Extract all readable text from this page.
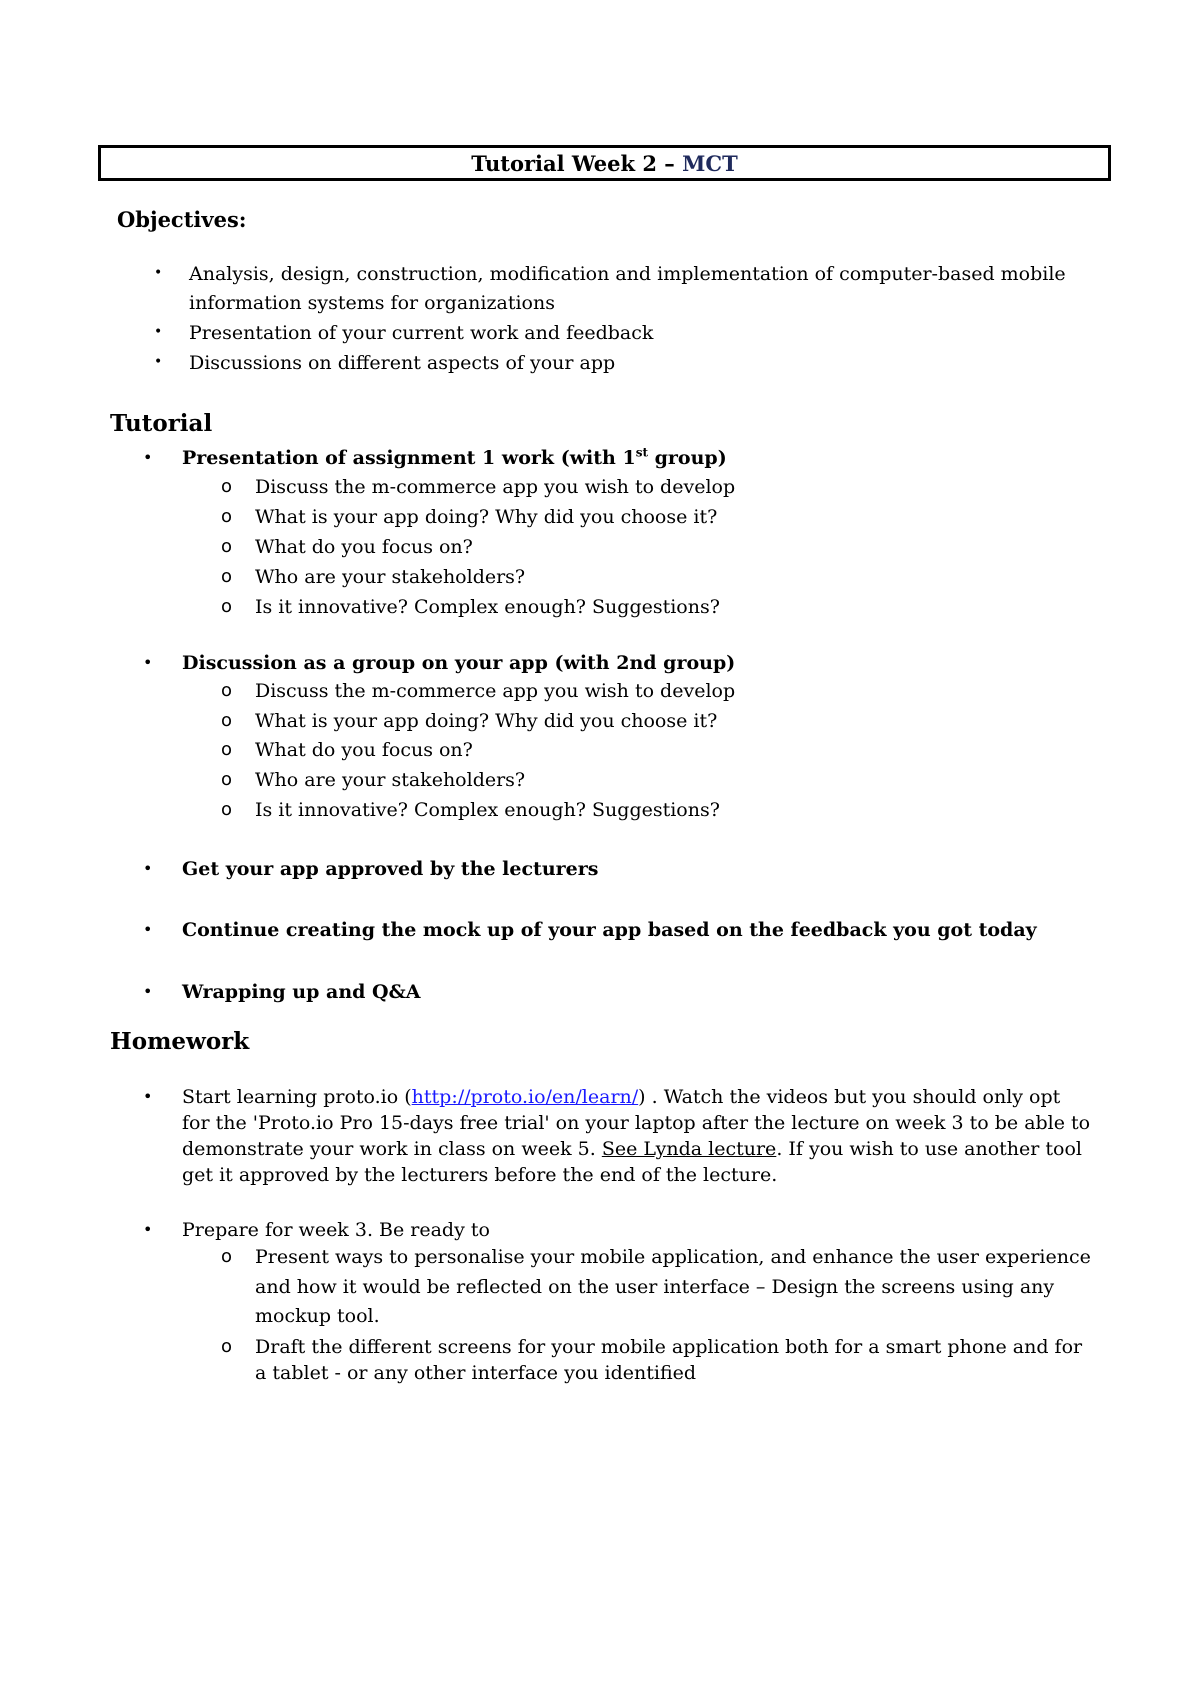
Tutorial Week 2 –
MCT
Objectives:
• Analysis, design, construction, modification and implementation of computer-based mobile
information systems for organizations
• Presentation of your current work and feedback
• Discussions on different aspects of your app
Tutorial
• Presentation of assignment 1 work (with 1st group)
o Discuss the m-commerce app you wish to develop
o What is your app doing? Why did you choose it?
o What do you focus on?
o Who are your stakeholders?
o Is it innovative? Complex enough? Suggestions?
• Discussion as a group on your app (with 2nd group)
o Discuss the m-commerce app you wish to develop
o What is your app doing? Why did you choose it?
o What do you focus on?
o Who are your stakeholders?
o Is it innovative? Complex enough? Suggestions?
• Get your app approved by the lecturers
• Continue creating the mock up of your app based on the feedback you got today
• Wrapping up and Q&A
Homework
• Start learning proto.io (http://proto.io/en/learn/) . Watch the videos but you should only opt
for the 'Proto.io Pro 15-days free trial' on your laptop after the lecture on week 3 to be able to
demonstrate your work in class on week 5. See Lynda lecture. If you wish to use another tool
get it approved by the lecturers before the end of the lecture.
• Prepare for week 3. Be ready to
o Present ways to personalise your mobile application, and enhance the user experience
and how it would be reflected on the user interface – Design the screens using any
mockup tool.
o Draft the different screens for your mobile application both for a smart phone and for
a tablet - or any other interface you identified
